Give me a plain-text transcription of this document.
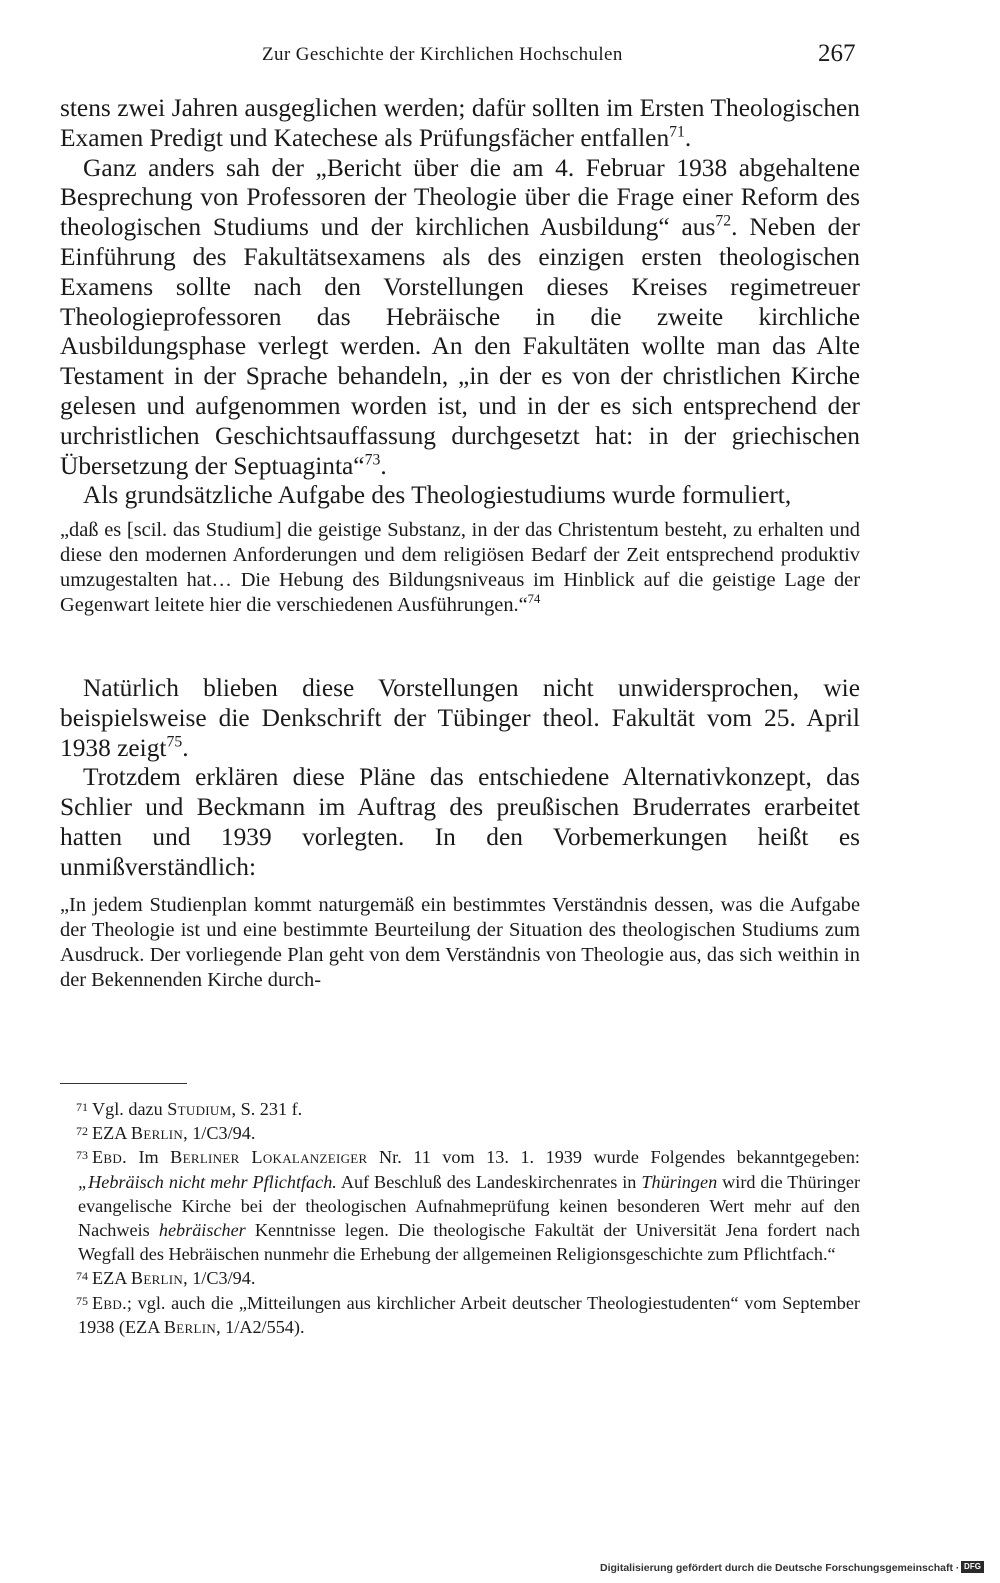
Zur Geschichte der Kirchlichen Hochschulen	267

stens zwei Jahren ausgeglichen werden; dafür sollten im Ersten Theologischen Examen Predigt und Katechese als Prüfungsfächer entfallen$^{71}$.

Ganz anders sah der „Bericht über die am 4. Februar 1938 abgehaltene Besprechung von Professoren der Theologie über die Frage einer Reform des theologischen Studiums und der kirchlichen Ausbildung“ aus$^{72}$. Neben der Einführung des Fakultätsexamens als des einzigen ersten theologischen Examens sollte nach den Vorstellungen dieses Kreises regimetreuer Theologieprofessoren das Hebräische in die zweite kirchliche Ausbildungsphase verlegt werden. An den Fakultäten wollte man das Alte Testament in der Sprache behandeln, „in der es von der christlichen Kirche gelesen und aufgenommen worden ist, und in der es sich entsprechend der urchristlichen Geschichtsauffassung durchgesetzt hat: in der griechischen Übersetzung der Septuaginta“$^{73}$.

Als grundsätzliche Aufgabe des Theologiestudiums wurde formuliert,

„daß es [scil. das Studium] die geistige Substanz, in der das Christentum besteht, zu erhalten und diese den modernen Anforderungen und dem religiösen Bedarf der Zeit entsprechend produktiv umzugestalten hat… Die Hebung des Bildungsniveaus im Hinblick auf die geistige Lage der Gegenwart leitete hier die verschiedenen Ausführungen.“$^{74}$

Natürlich blieben diese Vorstellungen nicht unwidersprochen, wie beispielsweise die Denkschrift der Tübinger theol. Fakultät vom 25. April 1938 zeigt$^{75}$.

Trotzdem erklären diese Pläne das entschiedene Alternativkonzept, das Schlier und Beckmann im Auftrag des preußischen Bruderrates erarbeitet hatten und 1939 vorlegten. In den Vorbemerkungen heißt es unmißverständlich:

„In jedem Studienplan kommt naturgemäß ein bestimmtes Verständnis dessen, was die Aufgabe der Theologie ist und eine bestimmte Beurteilung der Situation des theologischen Studiums zum Ausdruck. Der vorliegende Plan geht von dem Verständnis von Theologie aus, das sich weithin in der Bekennenden Kirche durch-

71 Vgl. dazu Studium, S. 231 f.

72 EZA Berlin, 1/C3/94.

73 Ebd. Im Berliner Lokalanzeiger Nr. 11 vom 13. 1. 1939 wurde Folgendes bekanntgegeben: „Hebräisch nicht mehr Pflichtfach. Auf Beschluß des Landeskirchenrates in Thüringen wird die Thüringer evangelische Kirche bei der theologischen Aufnahmeprüfung keinen besonderen Wert mehr auf den Nachweis hebräischer Kenntnisse legen. Die theologische Fakultät der Universität Jena fordert nach Wegfall des Hebräischen nunmehr die Erhebung der allgemeinen Religionsgeschichte zum Pflichtfach.“

74 EZA Berlin, 1/C3/94.

75 Ebd.; vgl. auch die „Mitteilungen aus kirchlicher Arbeit deutscher Theologiestudenten“ vom September 1938 (EZA Berlin, 1/A2/554).

Digitalisierung gefördert durch die Deutsche Forschungsgemeinschaft · DFG
